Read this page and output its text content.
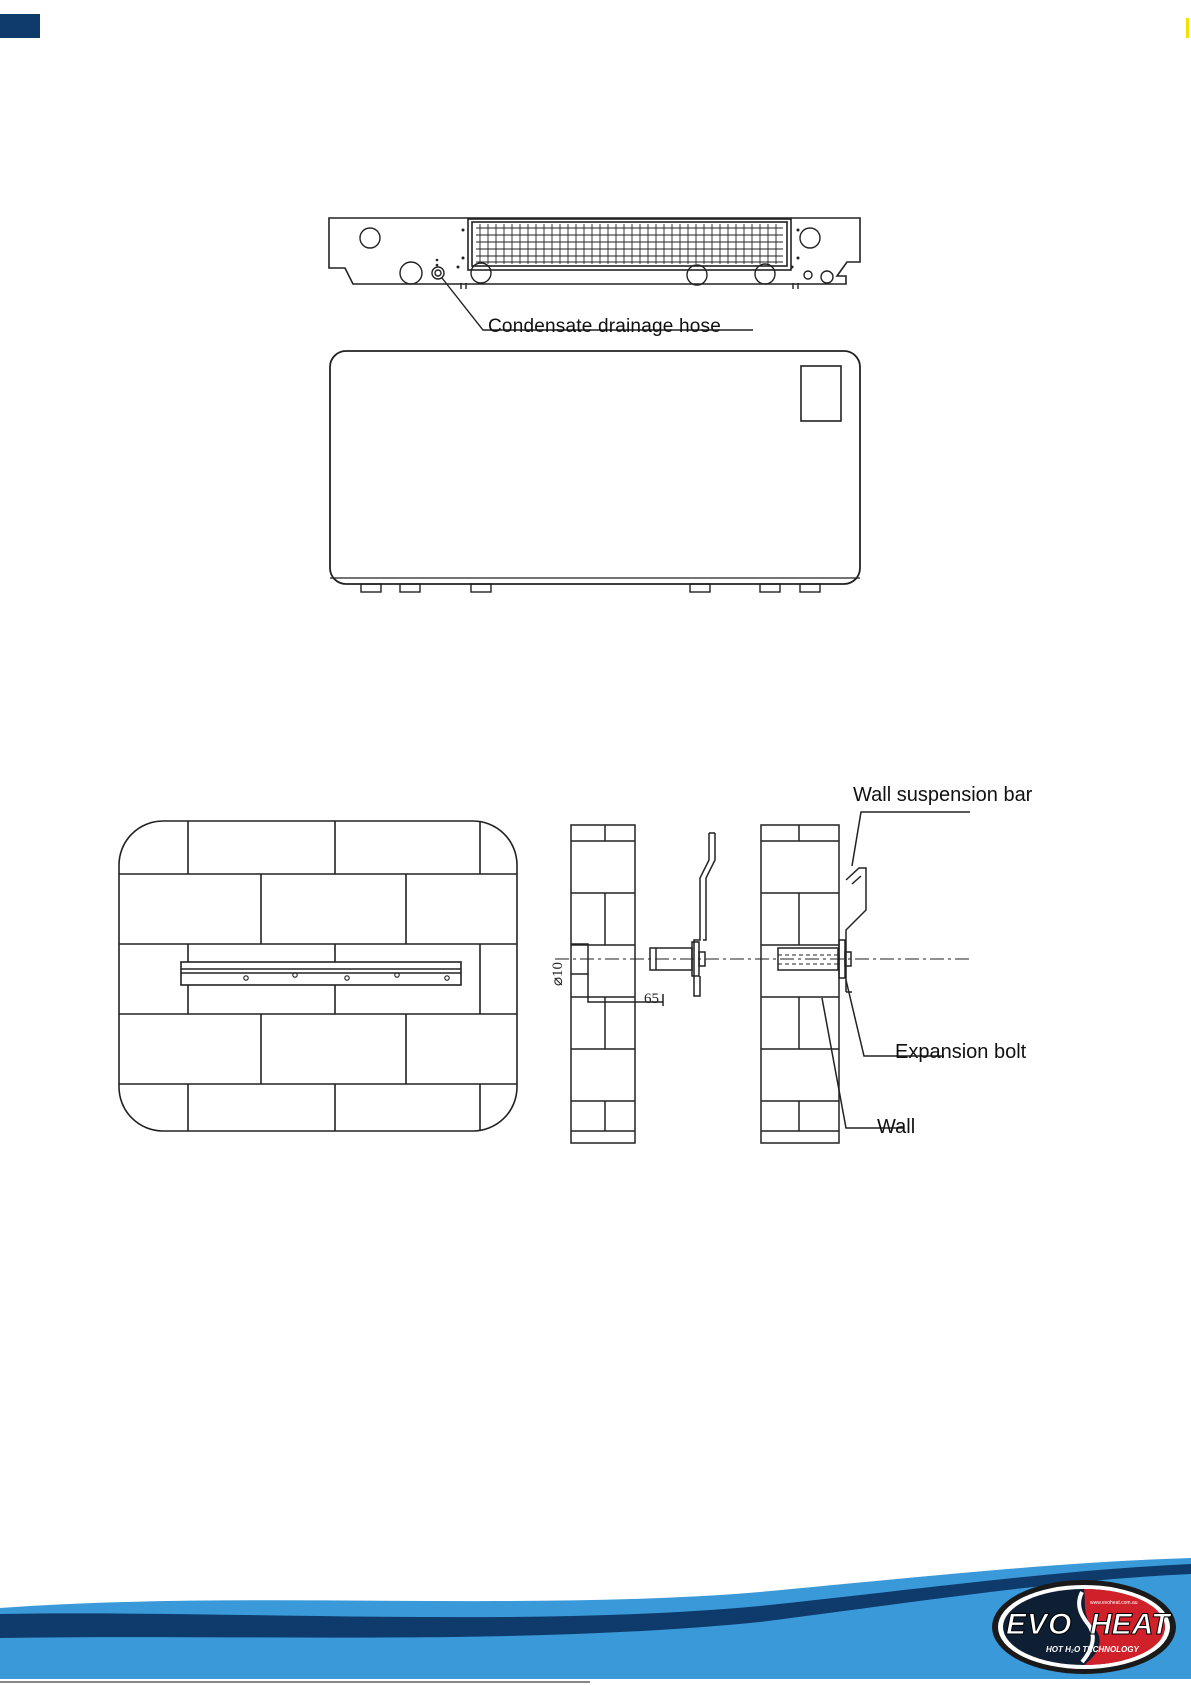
Condensate drainage hose
Wall suspension bar
Expansion bolt
Wall
⌀10
65
EVO HEAT
HOT H₂O TECHNOLOGY
www.evoheat.com.au
